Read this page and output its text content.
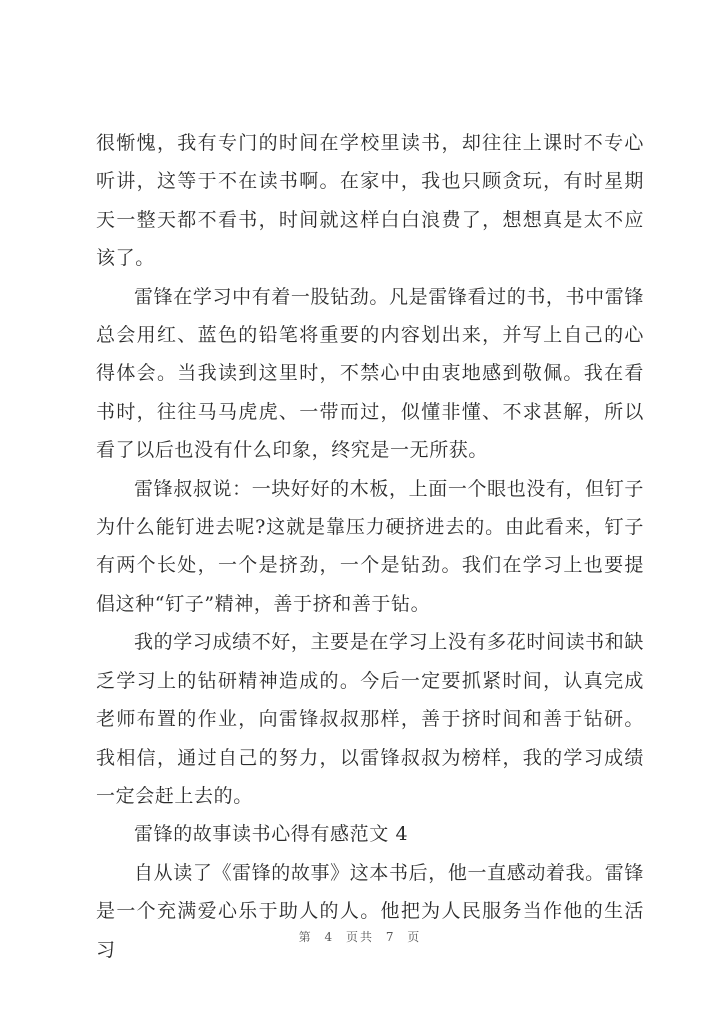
很惭愧，我有专门的时间在学校里读书，却往往上课时不专心听讲，这等于不在读书啊。在家中，我也只顾贪玩，有时星期天一整天都不看书，时间就这样白白浪费了，想想真是太不应该了。

雷锋在学习中有着一股钻劲。凡是雷锋看过的书，书中雷锋总会用红、蓝色的铅笔将重要的内容划出来，并写上自己的心得体会。当我读到这里时，不禁心中由衷地感到敬佩。我在看书时，往往马马虎虎、一带而过，似懂非懂、不求甚解，所以看了以后也没有什么印象，终究是一无所获。

雷锋叔叔说：一块好好的木板，上面一个眼也没有，但钉子为什么能钉进去呢?这就是靠压力硬挤进去的。由此看来，钉子有两个长处，一个是挤劲，一个是钻劲。我们在学习上也要提倡这种“钉子”精神，善于挤和善于钻。

我的学习成绩不好，主要是在学习上没有多花时间读书和缺乏学习上的钻研精神造成的。今后一定要抓紧时间，认真完成老师布置的作业，向雷锋叔叔那样，善于挤时间和善于钻研。我相信，通过自己的努力，以雷锋叔叔为榜样，我的学习成绩一定会赶上去的。

雷锋的故事读书心得有感范文 4

自从读了《雷锋的故事》这本书后，他一直感动着我。雷锋是一个充满爱心乐于助人的人。他把为人民服务当作他的生活习

第 4 页共 7 页
